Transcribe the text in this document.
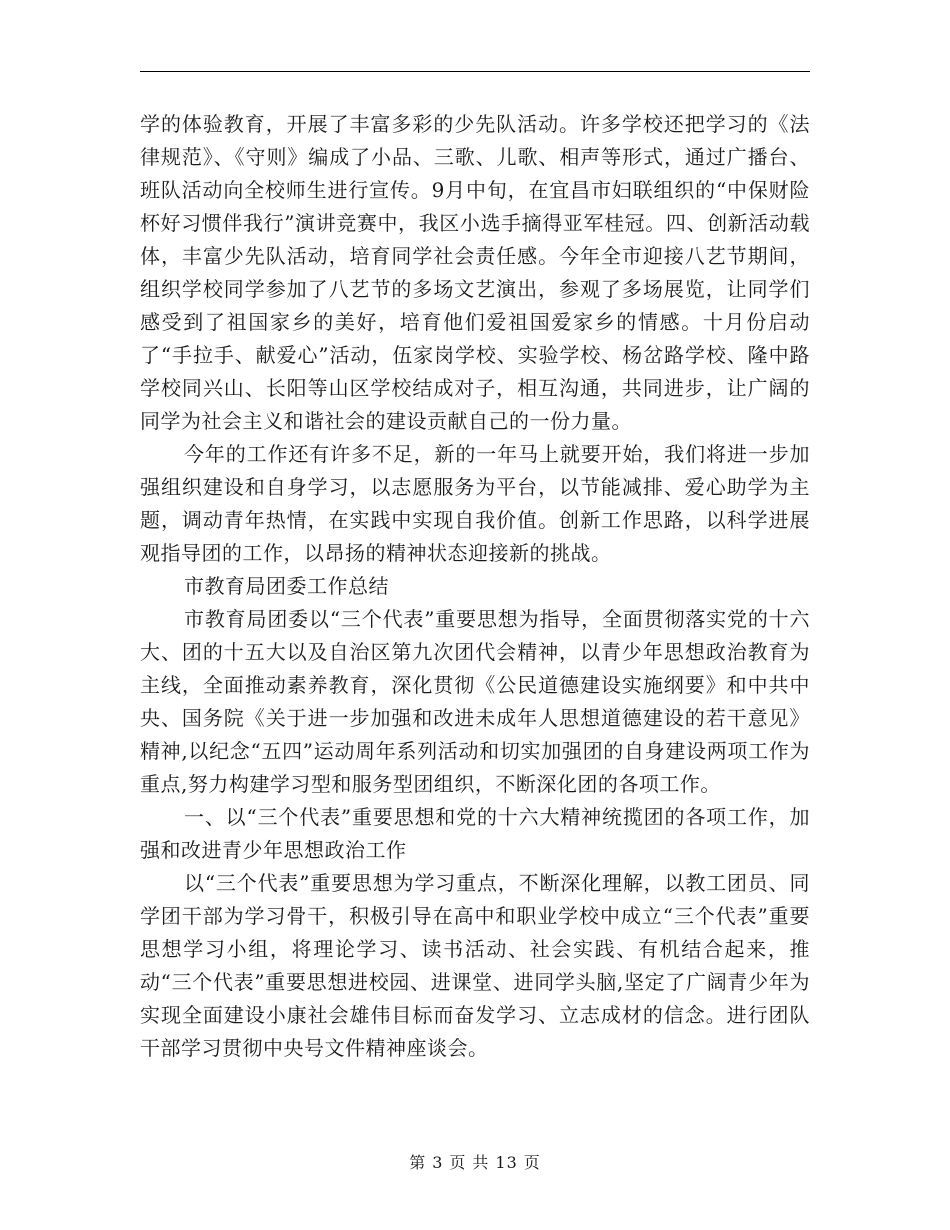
学的体验教育，开展了丰富多彩的少先队活动。许多学校还把学习的《法律规范》、《守则》编成了小品、三歌、儿歌、相声等形式，通过广播台、班队活动向全校师生进行宣传。9月中旬，在宜昌市妇联组织的“中保财险杯好习惯伴我行”演讲竞赛中，我区小选手摘得亚军桂冠。四、创新活动载体，丰富少先队活动，培育同学社会责任感。今年全市迎接八艺节期间，组织学校同学参加了八艺节的多场文艺演出，参观了多场展览，让同学们感受到了祖国家乡的美好，培育他们爱祖国爱家乡的情感。十月份启动了“手拉手、献爱心”活动，伍家岗学校、实验学校、杨岔路学校、隆中路学校同兴山、长阳等山区学校结成对子，相互沟通，共同进步，让广阔的同学为社会主义和谐社会的建设贡献自己的一份力量。

今年的工作还有许多不足，新的一年马上就要开始，我们将进一步加强组织建设和自身学习，以志愿服务为平台，以节能减排、爱心助学为主题，调动青年热情，在实践中实现自我价值。创新工作思路，以科学进展观指导团的工作，以昂扬的精神状态迎接新的挑战。

市教育局团委工作总结

市教育局团委以“三个代表”重要思想为指导，全面贯彻落实党的十六大、团的十五大以及自治区第九次团代会精神，以青少年思想政治教育为主线，全面推动素养教育，深化贯彻《公民道德建设实施纲要》和中共中央、国务院《关于进一步加强和改进未成年人思想道德建设的若干意见》精神,以纪念“五四”运动周年系列活动和切实加强团的自身建设两项工作为重点,努力构建学习型和服务型团组织，不断深化团的各项工作。

一、以“三个代表”重要思想和党的十六大精神统揽团的各项工作，加强和改进青少年思想政治工作

以“三个代表”重要思想为学习重点，不断深化理解，以教工团员、同学团干部为学习骨干，积极引导在高中和职业学校中成立“三个代表”重要思想学习小组，将理论学习、读书活动、社会实践、有机结合起来，推动“三个代表”重要思想进校园、进课堂、进同学头脑,坚定了广阔青少年为实现全面建设小康社会雄伟目标而奋发学习、立志成材的信念。进行团队干部学习贯彻中央号文件精神座谈会。

第 3 页 共 13 页
